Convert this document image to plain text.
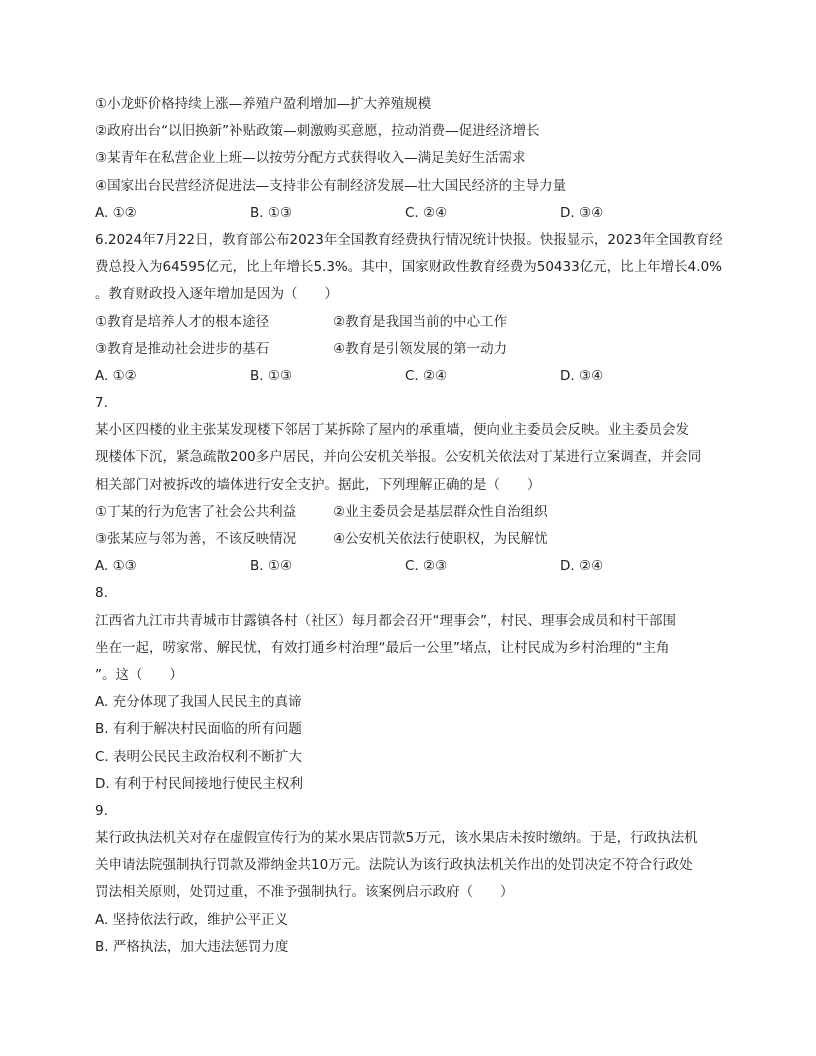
①小龙虾价格持续上涨—养殖户盈利增加—扩大养殖规模
②政府出台“以旧换新”补贴政策—刺激购买意愿，拉动消费—促进经济增长
③某青年在私营企业上班—以按劳分配方式获得收入—满足美好生活需求
④国家出台民营经济促进法—支持非公有制经济发展—壮大国民经济的主导力量
A. ①②	B. ①③	C. ②④	D. ③④
6.2024年7月22日，教育部公布2023年全国教育经费执行情况统计快报。快报显示，2023年全国教育经
费总投入为64595亿元，比上年增长5.3%。其中，国家财政性教育经费为50433亿元，比上年增长4.0%
。教育财政投入逐年增加是因为（　　）
①教育是培养人才的根本途径	②教育是我国当前的中心工作
③教育是推动社会进步的基石	④教育是引领发展的第一动力
A. ①②	B. ①③	C. ②④	D. ③④
7.
某小区四楼的业主张某发现楼下邻居丁某拆除了屋内的承重墙，便向业主委员会反映。业主委员会发
现楼体下沉，紧急疏散200多户居民，并向公安机关举报。公安机关依法对丁某进行立案调查，并会同
相关部门对被拆改的墙体进行安全支护。据此，下列理解正确的是（　　）
①丁某的行为危害了社会公共利益	②业主委员会是基层群众性自治组织
③张某应与邻为善，不该反映情况	④公安机关依法行使职权，为民解忧
A. ①③	B. ①④	C. ②③	D. ②④
8.
江西省九江市共青城市甘露镇各村（社区）每月都会召开“理事会”，村民、理事会成员和村干部围
坐在一起，唠家常、解民忧，有效打通乡村治理“最后一公里”堵点，让村民成为乡村治理的“主角
”。这（　　）
A. 充分体现了我国人民民主的真谛
B. 有利于解决村民面临的所有问题
C. 表明公民民主政治权利不断扩大
D. 有利于村民间接地行使民主权利
9.
某行政执法机关对存在虚假宣传行为的某水果店罚款5万元，该水果店未按时缴纳。于是，行政执法机
关申请法院强制执行罚款及滞纳金共10万元。法院认为该行政执法机关作出的处罚决定不符合行政处
罚法相关原则，处罚过重，不准予强制执行。该案例启示政府（　　）
A. 坚持依法行政，维护公平正义
B. 严格执法，加大违法惩罚力度
